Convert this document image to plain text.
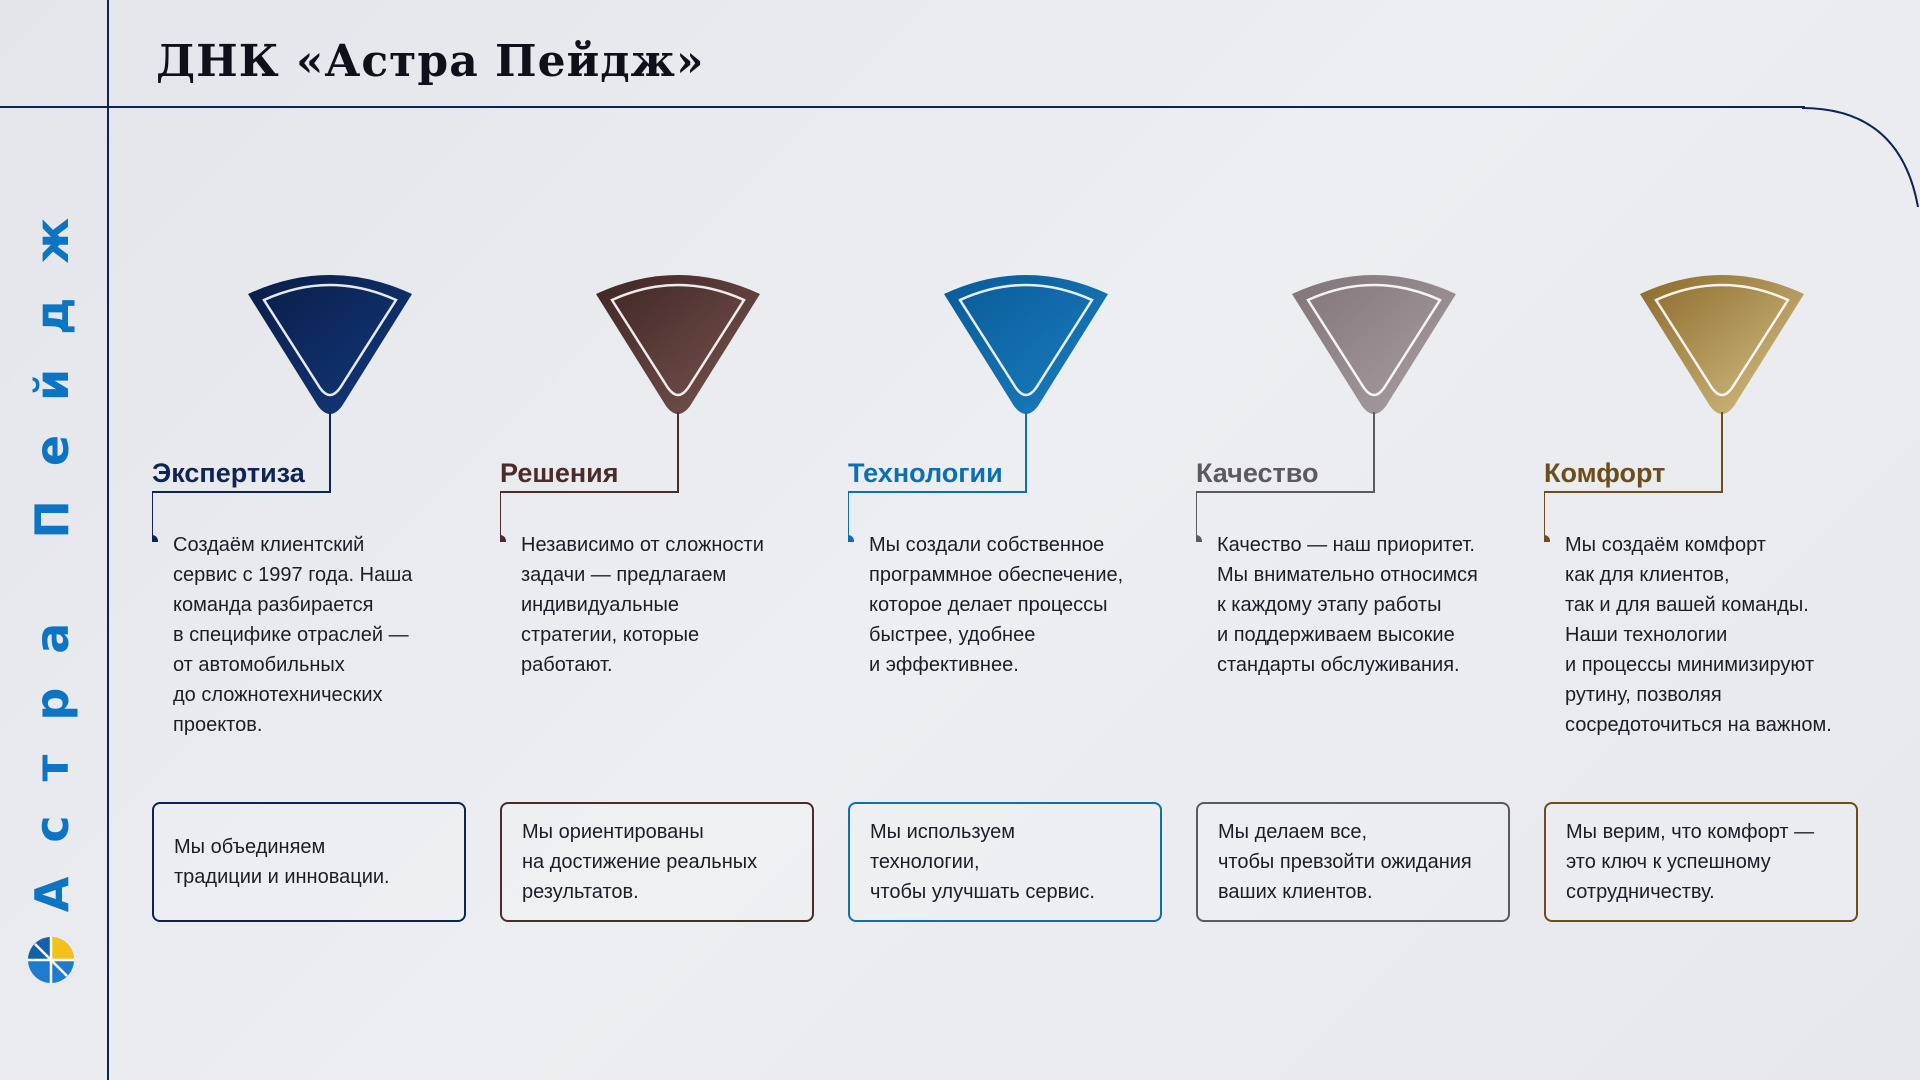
ДНК «Астра Пейдж»
Астра Пейдж	Экспертиза
Создаём клиентский
сервис с 1997 года. Наша
команда разбирается
в специфике отраслей —
от автомобильных
до сложнотехнических
проектов.
Мы объединяем
традиции и инновации.
Решения
Независимо от сложности
задачи — предлагаем
индивидуальные
стратегии, которые
работают.
Мы ориентированы
на достижение реальных
результатов.
Технологии
Мы создали собственное
программное обеспечение,
которое делает процессы
быстрее, удобнее
и эффективнее.
Мы используем
технологии,
чтобы улучшать сервис.
Качество
Качество — наш приоритет.
Мы внимательно относимся
к каждому этапу работы
и поддерживаем высокие
стандарты обслуживания.
Мы делаем все,
чтобы превзойти ожидания
ваших клиентов.
Комфорт
Мы создаём комфорт
как для клиентов,
так и для вашей команды.
Наши технологии
и процессы минимизируют
рутину, позволяя
сосредоточиться на важном.
Мы верим, что комфорт —
это ключ к успешному
сотрудничеству.
